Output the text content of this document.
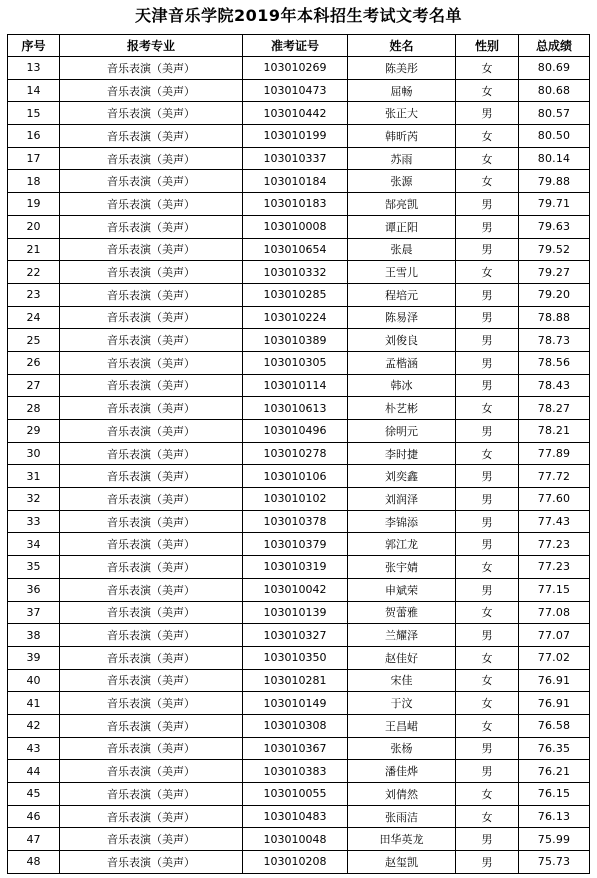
天津音乐学院2019年本科招生考试文考名单
序号	报考专业	准考证号	姓名	性别	总成绩
13	音乐表演（美声）	103010269	陈美彤	女	80.69
14	音乐表演（美声）	103010473	屈畅	女	80.68
15	音乐表演（美声）	103010442	张正大	男	80.57
16	音乐表演（美声）	103010199	韩昕芮	女	80.50
17	音乐表演（美声）	103010337	苏雨	女	80.14
18	音乐表演（美声）	103010184	张源	女	79.88
19	音乐表演（美声）	103010183	郜亮凯	男	79.71
20	音乐表演（美声）	103010008	谭正阳	男	79.63
21	音乐表演（美声）	103010654	张晨	男	79.52
22	音乐表演（美声）	103010332	王雪儿	女	79.27
23	音乐表演（美声）	103010285	程培元	男	79.20
24	音乐表演（美声）	103010224	陈易泽	男	78.88
25	音乐表演（美声）	103010389	刘俊良	男	78.73
26	音乐表演（美声）	103010305	孟楷涵	男	78.56
27	音乐表演（美声）	103010114	韩冰	男	78.43
28	音乐表演（美声）	103010613	朴艺彬	女	78.27
29	音乐表演（美声）	103010496	徐明元	男	78.21
30	音乐表演（美声）	103010278	李时捷	女	77.89
31	音乐表演（美声）	103010106	刘奕鑫	男	77.72
32	音乐表演（美声）	103010102	刘润泽	男	77.60
33	音乐表演（美声）	103010378	李锦添	男	77.43
34	音乐表演（美声）	103010379	郭江龙	男	77.23
35	音乐表演（美声）	103010319	张宇婧	女	77.23
36	音乐表演（美声）	103010042	申斌荣	男	77.15
37	音乐表演（美声）	103010139	贺蕾雅	女	77.08
38	音乐表演（美声）	103010327	兰耀泽	男	77.07
39	音乐表演（美声）	103010350	赵佳好	女	77.02
40	音乐表演（美声）	103010281	宋佳	女	76.91
41	音乐表演（美声）	103010149	于汶	女	76.91
42	音乐表演（美声）	103010308	王昌峮	女	76.58
43	音乐表演（美声）	103010367	张杨	男	76.35
44	音乐表演（美声）	103010383	潘佳烨	男	76.21
45	音乐表演（美声）	103010055	刘倩然	女	76.15
46	音乐表演（美声）	103010483	张雨洁	女	76.13
47	音乐表演（美声）	103010048	田华英龙	男	75.99
48	音乐表演（美声）	103010208	赵玺凯	男	75.73
